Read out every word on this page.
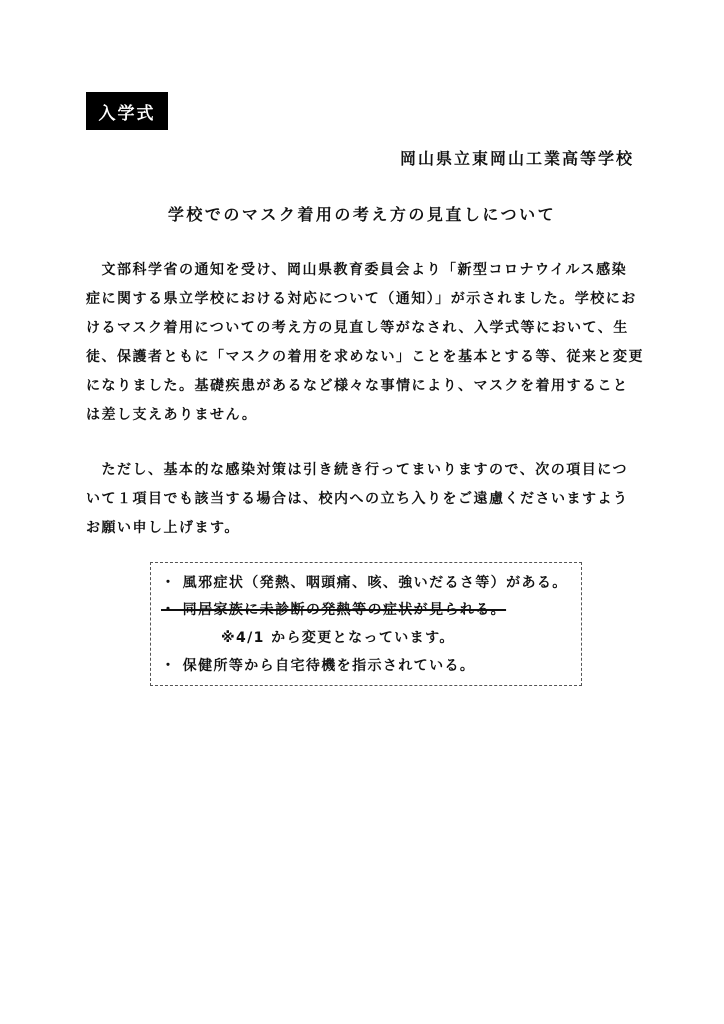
入学式
岡山県立東岡山工業高等学校
学校でのマスク着用の考え方の見直しについて

　文部科学省の通知を受け、岡山県教育委員会より「新型コロナウイルス感染
症に関する県立学校における対応について（通知）」が示されました。学校にお
けるマスク着用についての考え方の見直し等がなされ、入学式等において、生
徒、保護者ともに「マスクの着用を求めない」ことを基本とする等、従来と変更
になりました。基礎疾患があるなど様々な事情により、マスクを着用すること
は差し支えありません。

　ただし、基本的な感染対策は引き続き行ってまいりますので、次の項目につ
いて１項目でも該当する場合は、校内への立ち入りをご遠慮くださいますよう
お願い申し上げます。

・ 風邪症状（発熱、咽頭痛、咳、強いだるさ等）がある。
・ 同居家族に未診断の発熱等の症状が見られる。
※4/1 から変更となっています。
・ 保健所等から自宅待機を指示されている。
